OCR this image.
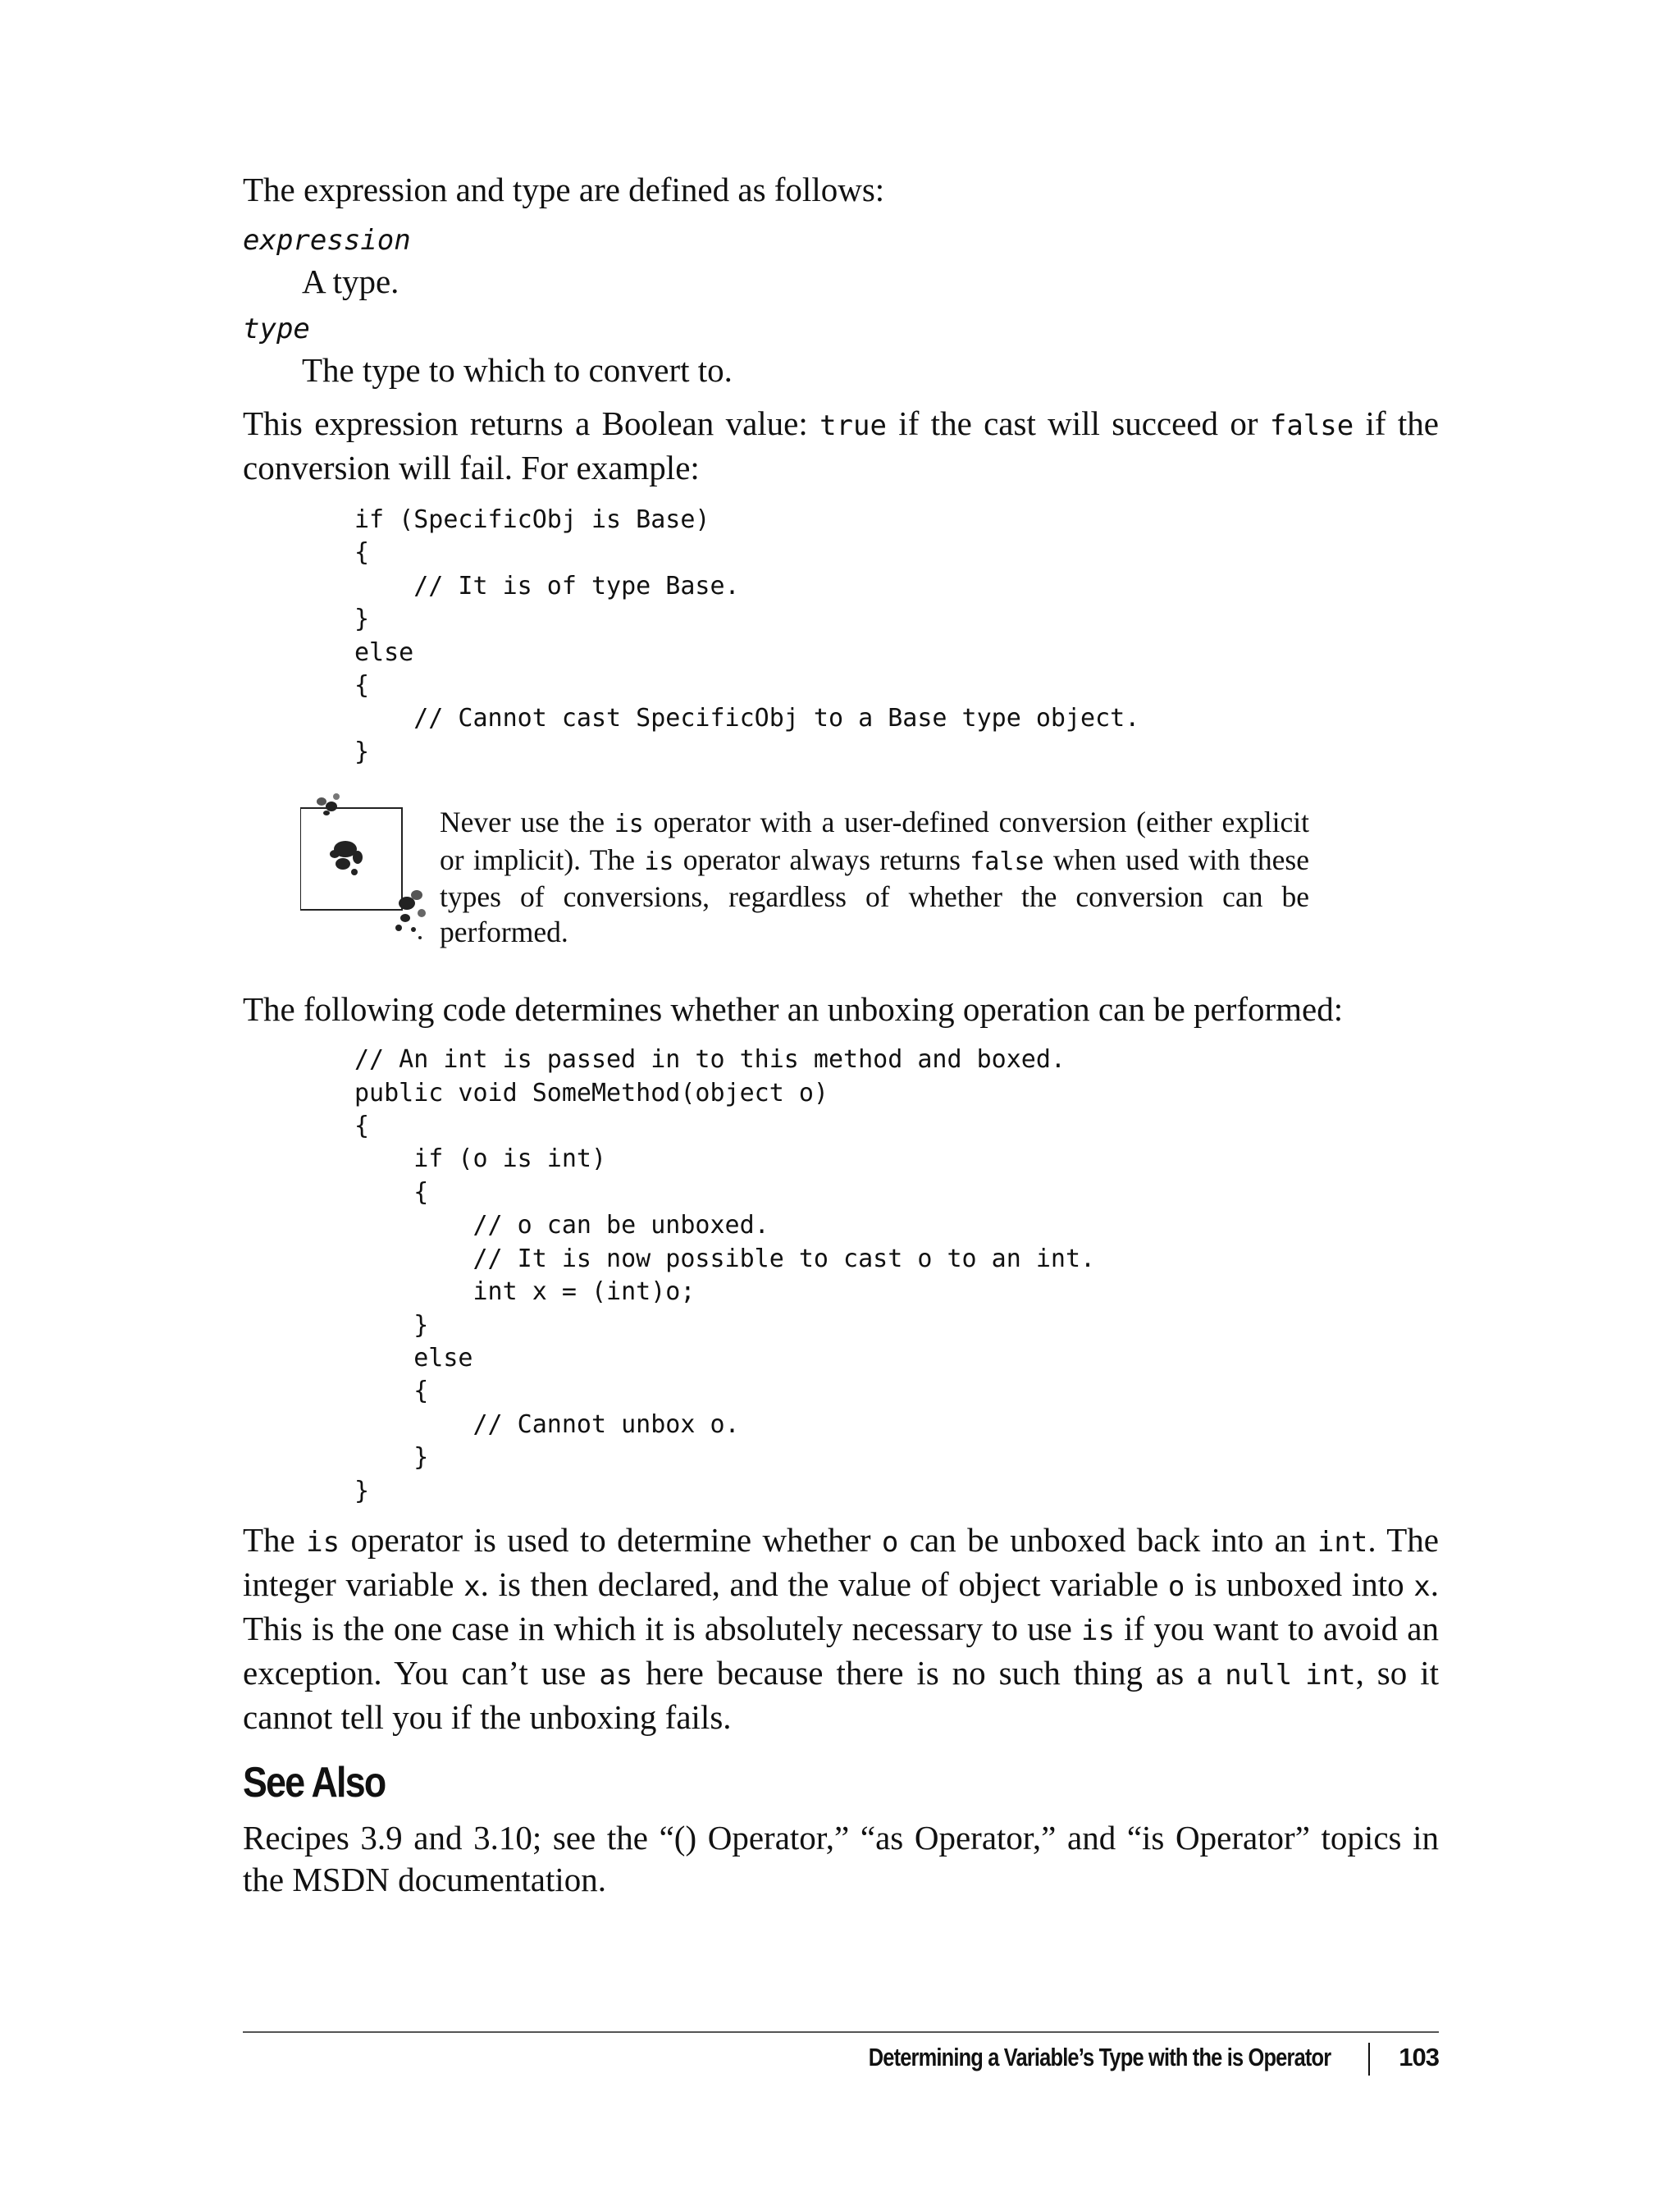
The expression and type are defined as follows:

expression

A type.

type

The type to which to convert to.

This expression returns a Boolean value: true if the cast will succeed or false if the conversion will fail. For example:

if (SpecificObj is Base)
{
// It is of type Base.
}
else
{
// Cannot cast SpecificObj to a Base type object.
}

Never use the is operator with a user-defined conversion (either explicit or implicit). The is operator always returns false when used with these types of conversions, regardless of whether the conversion can be performed.

The following code determines whether an unboxing operation can be performed:

// An int is passed in to this method and boxed.
public void SomeMethod(object o)
{
if (o is int)
{
// o can be unboxed.
// It is now possible to cast o to an int.
int x = (int)o;
}
else
{
// Cannot unbox o.
}
}

The is operator is used to determine whether o can be unboxed back into an int. The integer variable x. is then declared, and the value of object variable o is unboxed into x. This is the one case in which it is absolutely necessary to use is if you want to avoid an exception. You can’t use as here because there is no such thing as a null int, so it cannot tell you if the unboxing fails.

See Also

Recipes 3.9 and 3.10; see the “() Operator,” “as Operator,” and “is Operator” topics in the MSDN documentation.

Determining a Variable’s Type with the is Operator	103
